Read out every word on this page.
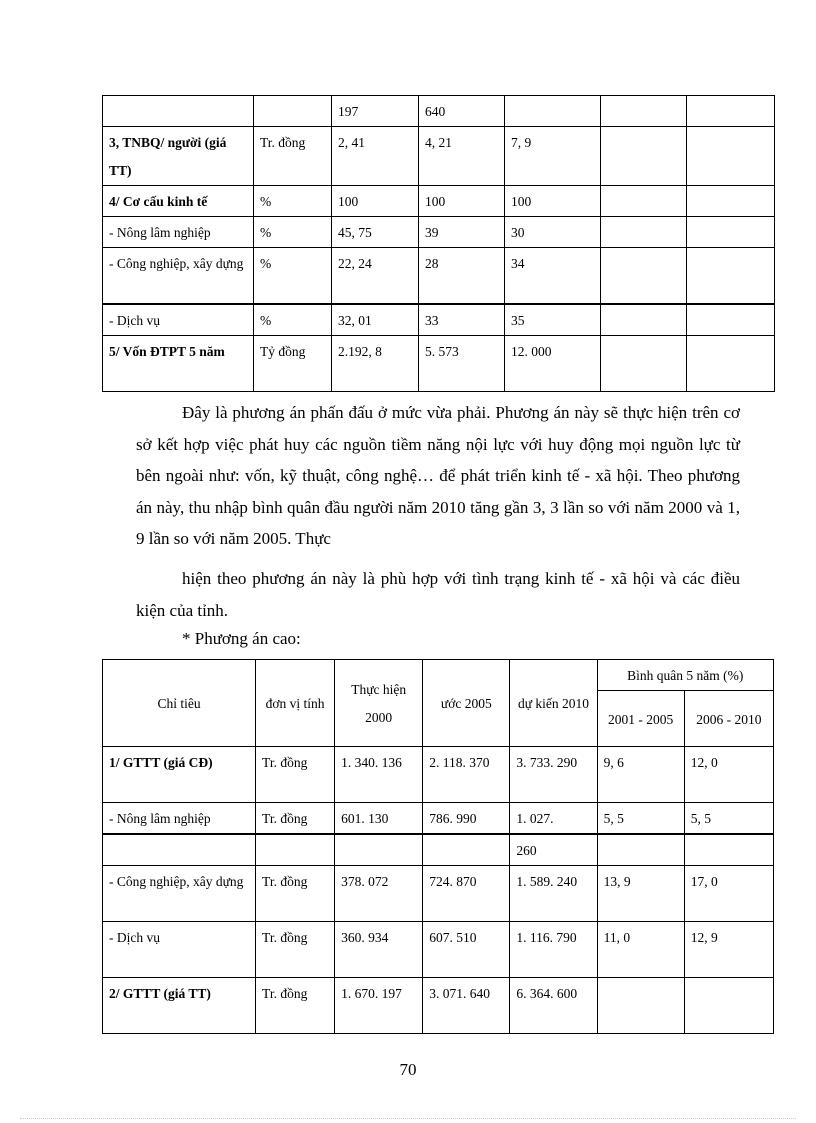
		197	640			
3, TNBQ/ người (giá TT)	Tr. đồng	2, 41	4, 21	7, 9		
4/ Cơ cấu kinh tế	%	100	100	100		
- Nông lâm nghiệp	%	45, 75	39	30		
- Công nghiệp, xây dựng	%	22, 24	28	34		
- Dịch vụ	%	32, 01	33	35		
5/ Vốn ĐTPT 5 năm	Tỷ đồng	2.192, 8	5. 573	12. 000		
Đây là phương án phấn đấu ở mức vừa phải. Phương án này sẽ thực hiện trên cơ sở kết hợp việc phát huy các nguồn tiềm năng nội lực với huy động mọi nguồn lực từ bên ngoài như: vốn, kỹ thuật, công nghệ… để phát triển kinh tế - xã hội. Theo phương án này, thu nhập bình quân đầu người năm 2010 tăng gần 3, 3 lần so với năm 2000 và 1, 9 lần so với năm 2005. Thực
hiện theo phương án này là phù hợp với tình trạng kinh tế - xã hội và các điều kiện của tỉnh.
* Phương án cao:
Chỉ tiêu	đơn vị tính	Thực hiện 2000	ước 2005	dự kiến 2010	Bình quân 5 năm (%)	
					2001 - 2005	2006 - 2010
1/ GTTT (giá CĐ)	Tr. đồng	1. 340. 136	2. 118. 370	3. 733. 290	9, 6	12, 0
- Nông lâm nghiệp	Tr. đồng	601. 130	786. 990	1. 027.	5, 5	5, 5
				260		
- Công nghiệp, xây dựng	Tr. đồng	378. 072	724. 870	1. 589. 240	13, 9	17, 0
- Dịch vụ	Tr. đồng	360. 934	607. 510	1. 116. 790	11, 0	12, 9
2/ GTTT (giá TT)	Tr. đồng	1. 670. 197	3. 071. 640	6. 364. 600		
70
